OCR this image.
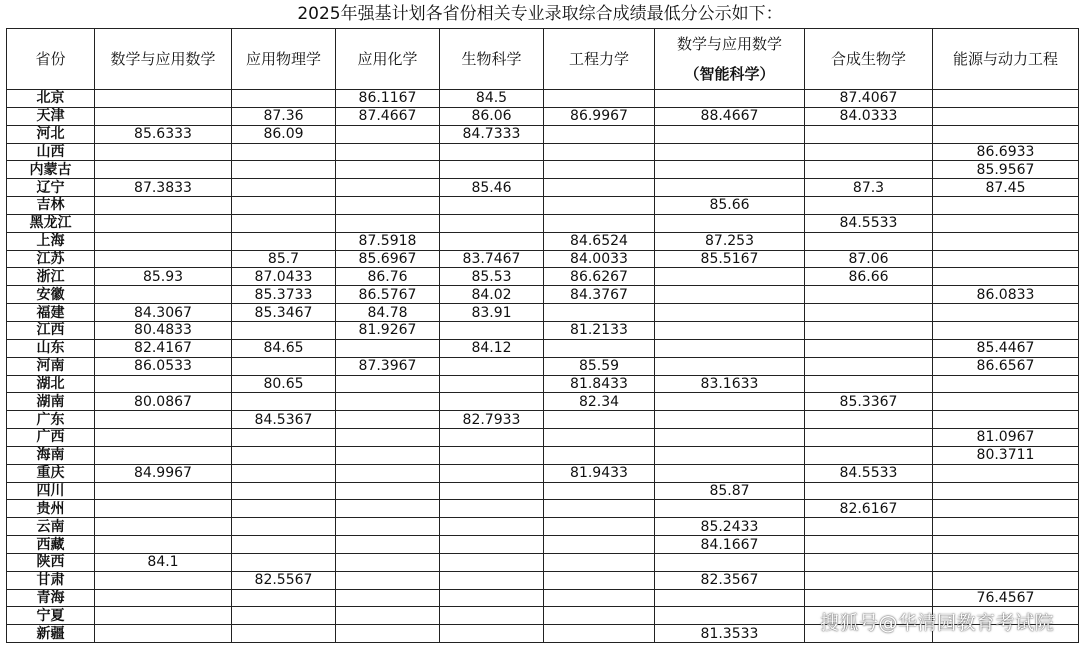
2025年强基计划各省份相关专业录取综合成绩最低分公示如下：
省份	数学与应用数学	应用物理学	应用化学	生物科学	工程力学	数学与应用数学
（智能科学）	合成生物学	能源与动力工程
北京			86.1167	84.5			87.4067	
天津		87.36	87.4667	86.06	86.9967	88.4667	84.0333	
河北	85.6333	86.09		84.7333				
山西								86.6933
内蒙古								85.9567
辽宁	87.3833			85.46			87.3	87.45
吉林						85.66		
黑龙江							84.5533	
上海			87.5918		84.6524	87.253		
江苏		85.7	85.6967	83.7467	84.0033	85.5167	87.06	
浙江	85.93	87.0433	86.76	85.53	86.6267		86.66	
安徽		85.3733	86.5767	84.02	84.3767			86.0833
福建	84.3067	85.3467	84.78	83.91				
江西	80.4833		81.9267		81.2133			
山东	82.4167	84.65		84.12				85.4467
河南	86.0533		87.3967		85.59			86.6567
湖北		80.65			81.8433	83.1633		
湖南	80.0867				82.34		85.3367	
广东		84.5367		82.7933				
广西								81.0967
海南								80.3711
重庆	84.9967				81.9433		84.5533	
四川						85.87		
贵州							82.6167	
云南						85.2433		
西藏						84.1667		
陕西	84.1							
甘肃		82.5567				82.3567		
青海								76.4567
宁夏								
新疆						81.3533			搜狐号@华清园教育考试院
